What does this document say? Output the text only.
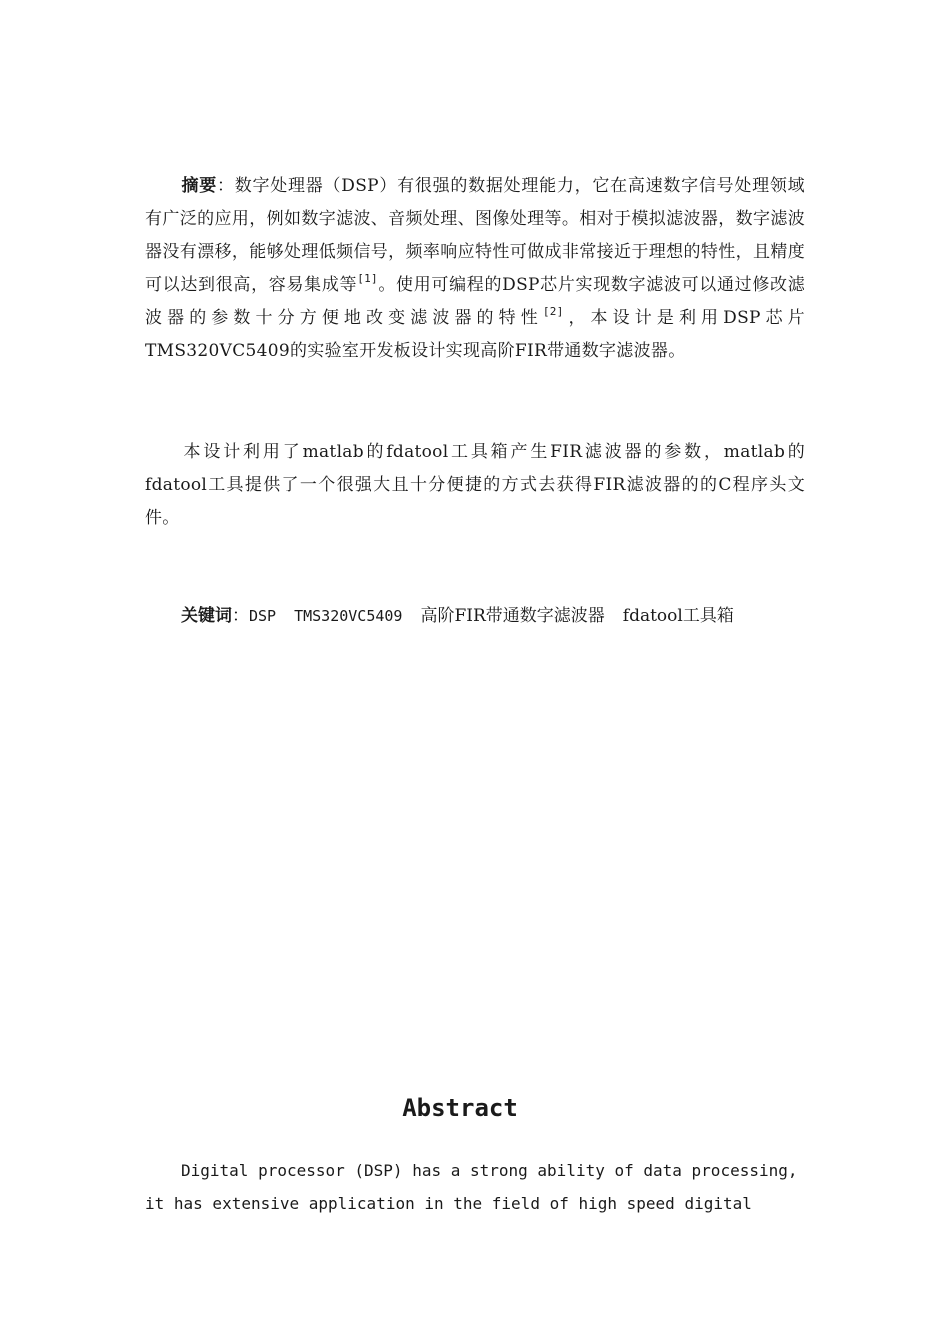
摘要：数字处理器（DSP）有很强的数据处理能力，它在高速数字信号处理领域有广泛的应用，例如数字滤波、音频处理、图像处理等。相对于模拟滤波器，数字滤波器没有漂移，能够处理低频信号，频率响应特性可做成非常接近于理想的特性，且精度可以达到很高，容易集成等[1]。使用可编程的DSP芯片实现数字滤波可以通过修改滤波器的参数十分方便地改变滤波器的特性[2]，本设计是利用DSP芯片TMS320VC5409的实验室开发板设计实现高阶FIR带通数字滤波器。

本设计利用了matlab的fdatool工具箱产生FIR滤波器的参数，matlab的fdatool工具提供了一个很强大且十分便捷的方式去获得FIR滤波器的的C程序头文件。

关键词：DSP TMS320VC5409 高阶FIR带通数字滤波器 fdatool工具箱
Abstract

Digital processor (DSP) has a strong ability of data processing, it has extensive application in the field of high speed digital
